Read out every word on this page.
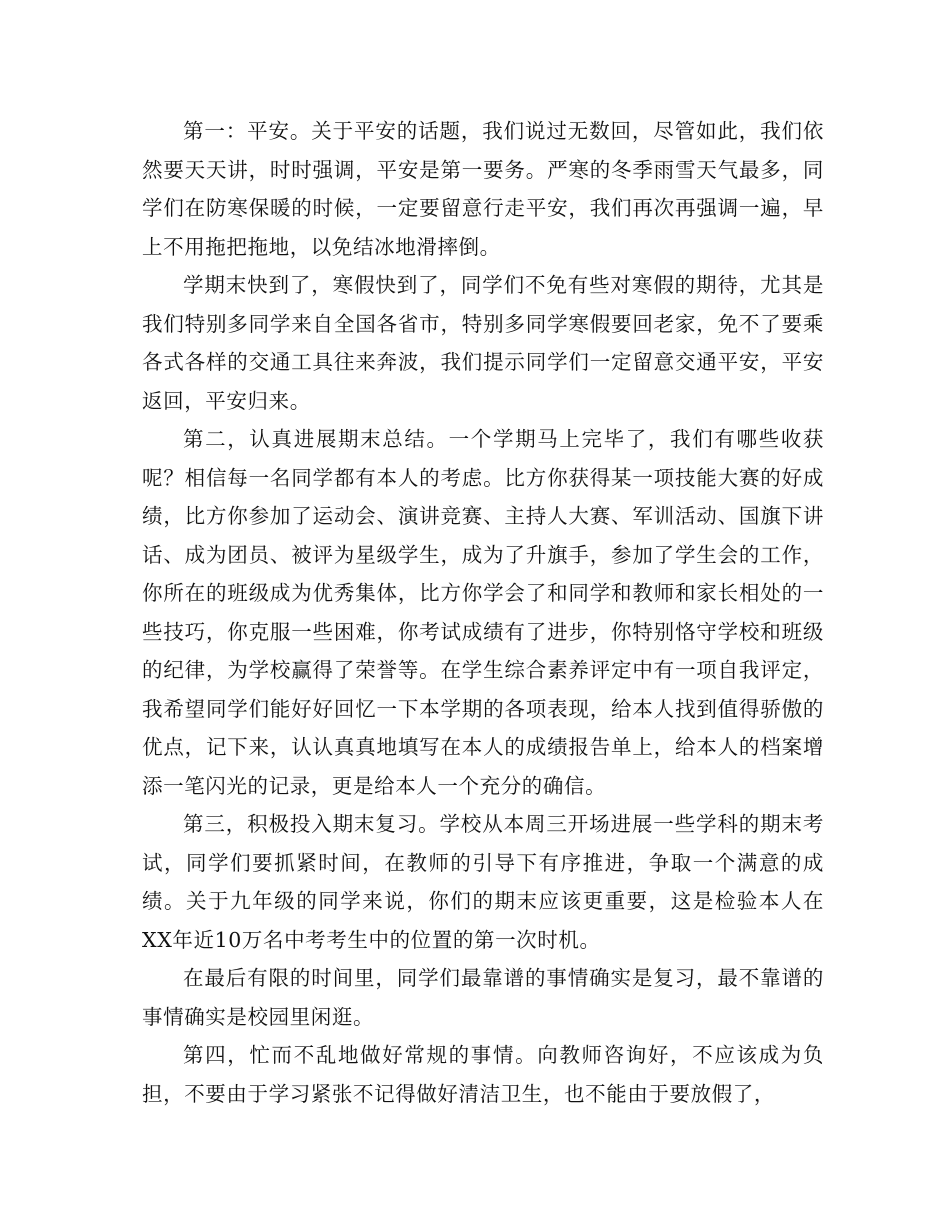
第一：平安。关于平安的话题，我们说过无数回，尽管如此，我们依然要天天讲，时时强调，平安是第一要务。严寒的冬季雨雪天气最多，同学们在防寒保暖的时候，一定要留意行走平安，我们再次再强调一遍，早上不用拖把拖地，以免结冰地滑摔倒。

学期末快到了，寒假快到了，同学们不免有些对寒假的期待，尤其是我们特别多同学来自全国各省市，特别多同学寒假要回老家，免不了要乘各式各样的交通工具往来奔波，我们提示同学们一定留意交通平安，平安返回，平安归来。

第二，认真进展期末总结。一个学期马上完毕了，我们有哪些收获呢？相信每一名同学都有本人的考虑。比方你获得某一项技能大赛的好成绩，比方你参加了运动会、演讲竞赛、主持人大赛、军训活动、国旗下讲话、成为团员、被评为星级学生，成为了升旗手，参加了学生会的工作，你所在的班级成为优秀集体，比方你学会了和同学和教师和家长相处的一些技巧，你克服一些困难，你考试成绩有了进步，你特别恪守学校和班级的纪律，为学校赢得了荣誉等。在学生综合素养评定中有一项自我评定，我希望同学们能好好回忆一下本学期的各项表现，给本人找到值得骄傲的优点，记下来，认认真真地填写在本人的成绩报告单上，给本人的档案增添一笔闪光的记录，更是给本人一个充分的确信。

第三，积极投入期末复习。学校从本周三开场进展一些学科的期末考试，同学们要抓紧时间，在教师的引导下有序推进，争取一个满意的成绩。关于九年级的同学来说，你们的期末应该更重要，这是检验本人在XX年近10万名中考考生中的位置的第一次时机。

在最后有限的时间里，同学们最靠谱的事情确实是复习，最不靠谱的事情确实是校园里闲逛。

第四，忙而不乱地做好常规的事情。向教师咨询好，不应该成为负担，不要由于学习紧张不记得做好清洁卫生，也不能由于要放假了，
